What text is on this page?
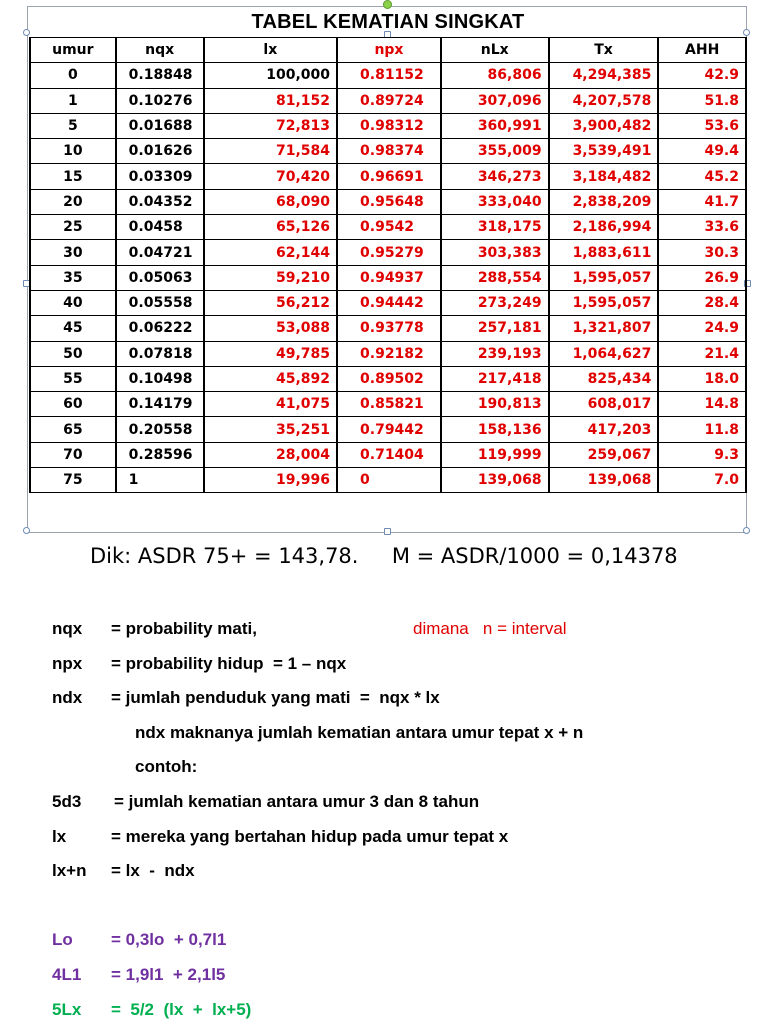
TABEL KEMATIAN SINGKAT
umur	nqx	lx	npx	nLx	Tx	AHH
0	0.18848	100,000	0.81152	86,806	4,294,385	42.9
1	0.10276	81,152	0.89724	307,096	4,207,578	51.8
5	0.01688	72,813	0.98312	360,991	3,900,482	53.6
10	0.01626	71,584	0.98374	355,009	3,539,491	49.4
15	0.03309	70,420	0.96691	346,273	3,184,482	45.2
20	0.04352	68,090	0.95648	333,040	2,838,209	41.7
25	0.0458	65,126	0.9542	318,175	2,186,994	33.6
30	0.04721	62,144	0.95279	303,383	1,883,611	30.3
35	0.05063	59,210	0.94937	288,554	1,595,057	26.9
40	0.05558	56,212	0.94442	273,249	1,595,057	28.4
45	0.06222	53,088	0.93778	257,181	1,321,807	24.9
50	0.07818	49,785	0.92182	239,193	1,064,627	21.4
55	0.10498	45,892	0.89502	217,418	825,434	18.0
60	0.14179	41,075	0.85821	190,813	608,017	14.8
65	0.20558	35,251	0.79442	158,136	417,203	11.8
70	0.28596	28,004	0.71404	119,999	259,067	9.3
75	1	19,996	0	139,068	139,068	7.0
Dik: ASDR 75+ = 143,78.     M = ASDR/1000 = 0,14378
nqx = probability mati,	dimana   n = interval
npx = probability hidup  = 1 – nqx
ndx = jumlah penduduk yang mati  =  nqx * lx
ndx maknanya jumlah kematian antara umur tepat x + n
contoh:
5d3 = jumlah kematian antara umur 3 dan 8 tahun
lx	= mereka yang bertahan hidup pada umur tepat x
lx+n = lx  -  ndx
Lo = 0,3lo  + 0,7l1
4L1 = 1,9l1  + 2,1l5
5Lx =  5/2  (lx  +  lx+5)
